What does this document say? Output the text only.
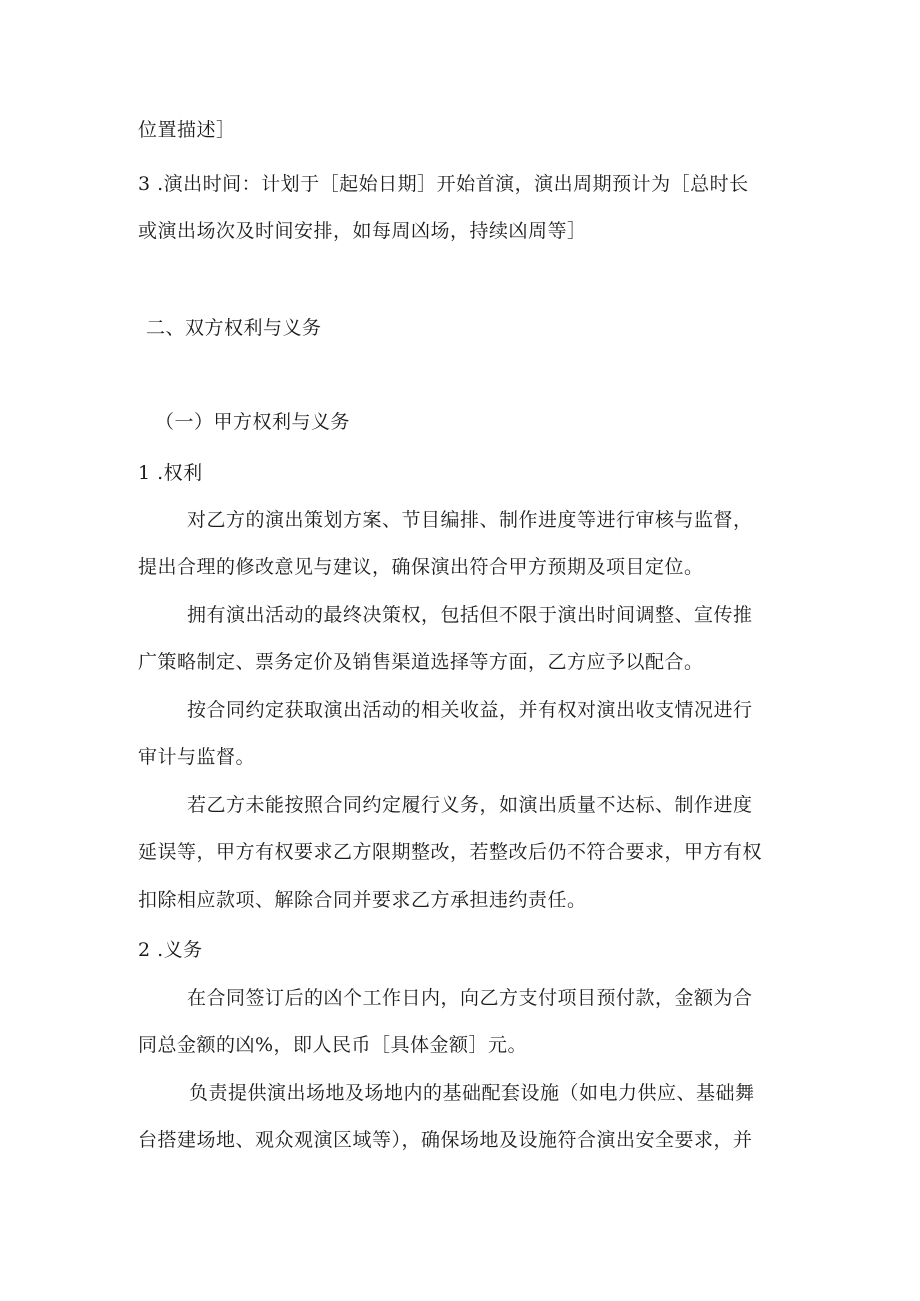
位置描述］
3 .演出时间：计划于［起始日期］开始首演，演出周期预计为［总时长
或演出场次及时间安排，如每周凶场，持续凶周等］
二、双方权利与义务
（一）甲方权利与义务
1 .权利
对乙方的演出策划方案、节目编排、制作进度等进行审核与监督，
提出合理的修改意见与建议，确保演出符合甲方预期及项目定位。
拥有演出活动的最终决策权，包括但不限于演出时间调整、宣传推
广策略制定、票务定价及销售渠道选择等方面，乙方应予以配合。
按合同约定获取演出活动的相关收益，并有权对演出收支情况进行
审计与监督。
若乙方未能按照合同约定履行义务，如演出质量不达标、制作进度
延误等，甲方有权要求乙方限期整改，若整改后仍不符合要求，甲方有权
扣除相应款项、解除合同并要求乙方承担违约责任。
2 .义务
在合同签订后的凶个工作日内，向乙方支付项目预付款，金额为合
同总金额的凶%，即人民币［具体金额］元。
负责提供演出场地及场地内的基础配套设施（如电力供应、基础舞
台搭建场地、观众观演区域等），确保场地及设施符合演出安全要求，并
